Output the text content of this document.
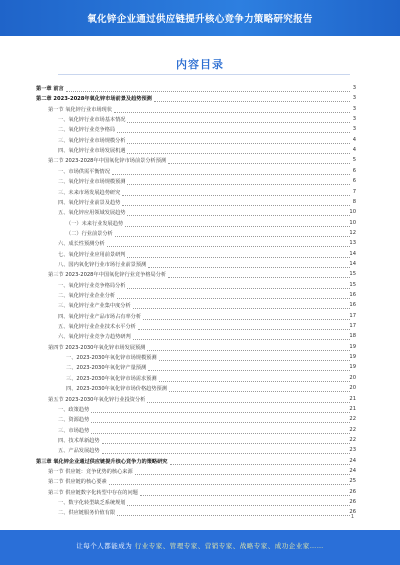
氧化锌企业通过供应链提升核心竞争力策略研究报告
内容目录
第一章 前言	3
第二章 2023-2028年氧化锌市场前景及趋势预测	3
第一节 氧化锌行业市场现状	3
一、氧化锌行业市场基本情况	3
二、氧化锌行业竞争格局	3
三、氧化锌行业市场规模分析	4
四、氧化锌行业市场发展机遇	4
第二节 2023-2028年中国氧化锌市场前景分析预测	5
一、市场供需平衡情况	6
二、氧化锌行业市场规模预测	6
三、未来市场发展趋势研究	7
四、氧化锌行业前景及趋势	8
五、氧化锌应用领域发展趋势	10
（一）未来行业发展趋势	10
（二）行业前景分析	12
六、成长性预测分析	13
七、氧化锌行业应用前景研判	14
八、国内氧化锌行业市场行业前景预测	14
第三节 2023-2028年中国氧化锌行业竞争格局分析	15
一、氧化锌行业竞争格局分析	15
二、氧化锌行业企业分析	16
三、氧化锌行业产业集中度分析	16
四、氧化锌行业产品市场占有率分析	17
五、氧化锌行业企业技术水平分析	17
六、氧化锌行业竞争力趋势研判	18
第四节 2023-2030年氧化锌市场发展预测	19
一、2023-2030年氧化锌市场规模预测	19
二、2023-2030年氧化锌产量预测	19
三、2023-2030年氧化锌市场需求预测	20
四、2023-2030年氧化锌市场价格趋势预测	20
第五节 2023-2030年氧化锌行业投资分析	21
一、政策趋势	21
二、资源趋势	22
三、市场趋势	22
四、技术革新趋势	22
五、产品发展趋势	23
第三章 氧化锌企业通过供应链提升核心竞争力的策略研究	24
第一节 供应链：竞争优势的核心来源	24
第二节 供应链的核心要素	25
第三节 供应链数字化转型中存在的问题	26
一、数字化转型缺乏系统规划	26
二、供应链服务价值有限	26
1
让每个人都能成为 行业专家、管理专家、营销专家、战略专家、成功企业家……
